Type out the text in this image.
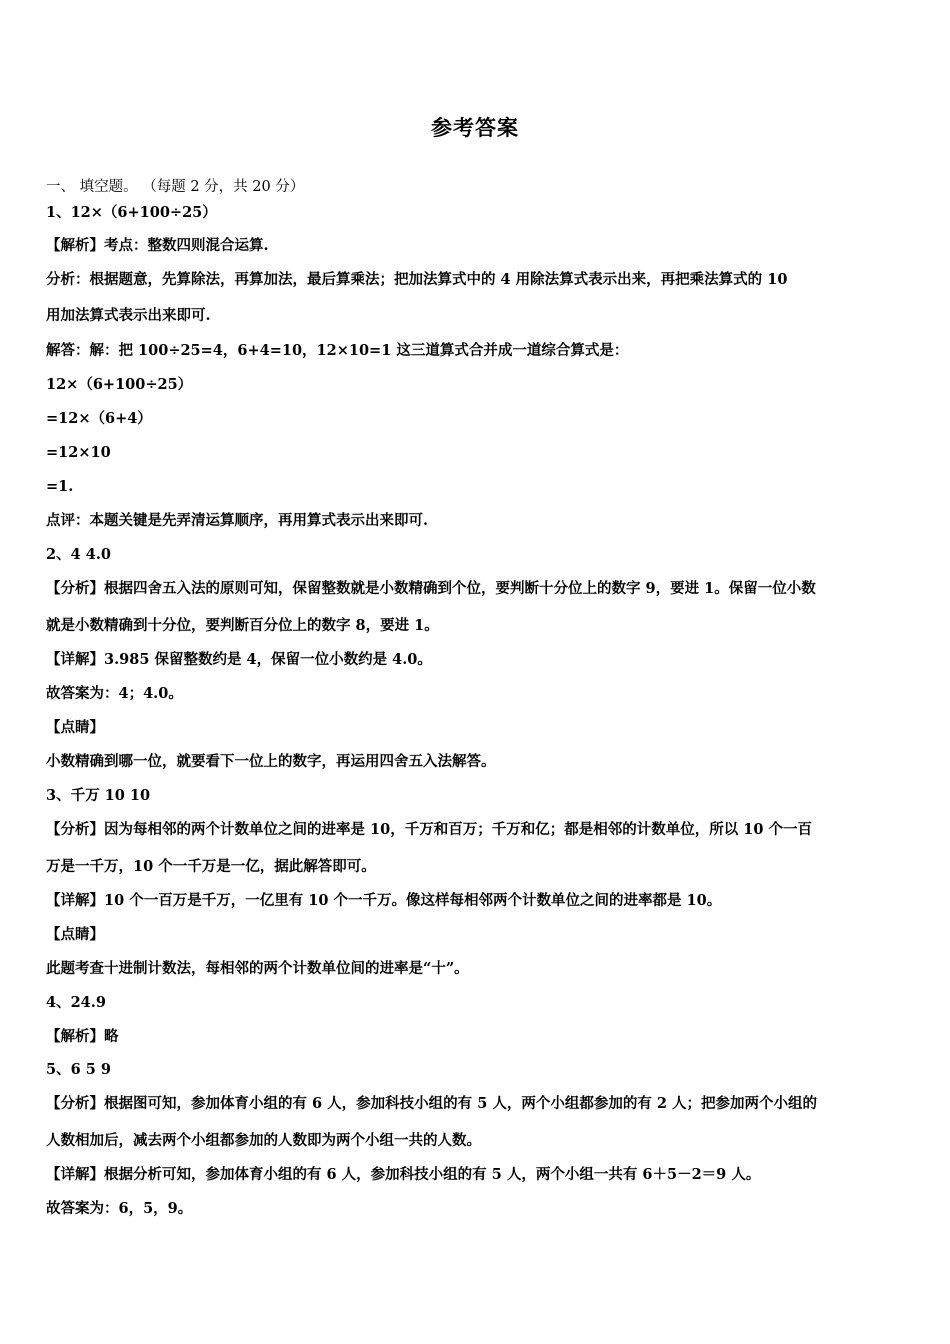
参考答案
一、 填空题。 （每题 2 分，共 20 分）
1、12×（6+100÷25）
【解析】考点：整数四则混合运算.
分析：根据题意，先算除法，再算加法，最后算乘法；把加法算式中的 4 用除法算式表示出来，再把乘法算式的 10
用加法算式表示出来即可.
解答：解：把 100÷25=4，6+4=10，12×10=1 这三道算式合并成一道综合算式是：
12×（6+100÷25）
=12×（6+4）
=12×10
=1.
点评：本题关键是先弄清运算顺序，再用算式表示出来即可.
2、4 4.0
【分析】根据四舍五入法的原则可知，保留整数就是小数精确到个位，要判断十分位上的数字 9，要进 1。保留一位小数
就是小数精确到十分位，要判断百分位上的数字 8，要进 1。
【详解】3.985 保留整数约是 4，保留一位小数约是 4.0。
故答案为：4；4.0。
【点睛】
小数精确到哪一位，就要看下一位上的数字，再运用四舍五入法解答。
3、千万 10 10
【分析】因为每相邻的两个计数单位之间的进率是 10，千万和百万；千万和亿；都是相邻的计数单位，所以 10 个一百
万是一千万，10 个一千万是一亿，据此解答即可。
【详解】10 个一百万是千万，一亿里有 10 个一千万。像这样每相邻两个计数单位之间的进率都是 10。
【点睛】
此题考查十进制计数法，每相邻的两个计数单位间的进率是“十”。
4、24.9
【解析】略
5、6 5 9
【分析】根据图可知，参加体育小组的有 6 人，参加科技小组的有 5 人，两个小组都参加的有 2 人；把参加两个小组的
人数相加后，减去两个小组都参加的人数即为两个小组一共的人数。
【详解】根据分析可知，参加体育小组的有 6 人，参加科技小组的有 5 人，两个小组一共有 6＋5－2＝9 人。
故答案为：6，5，9。
